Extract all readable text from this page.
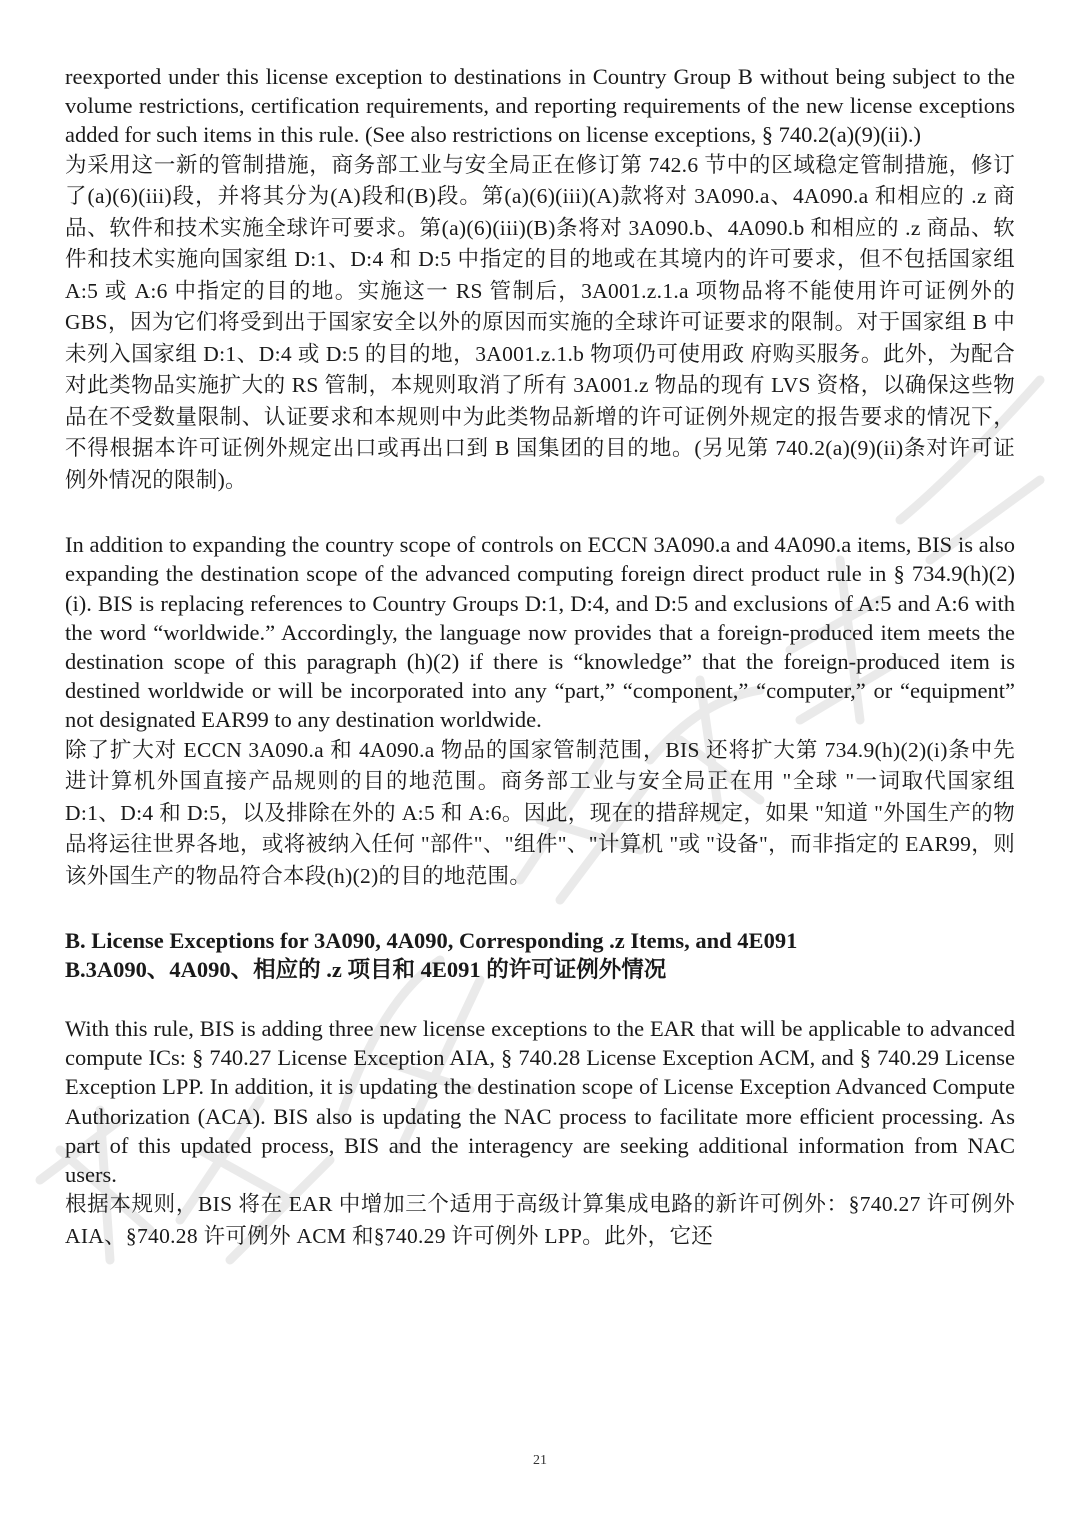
reexported under this license exception to destinations in Country Group B without being subject to the volume restrictions, certification requirements, and reporting requirements of the new license exceptions added for such items in this rule. (See also restrictions on license exceptions, § 740.2(a)(9)(ii).)

为采用这一新的管制措施，商务部工业与安全局正在修订第 742.6 节中的区域稳定管制措施，修订了(a)(6)(iii)段，并将其分为(A)段和(B)段。第(a)(6)(iii)(A)款将对 3A090.a、4A090.a 和相应的 .z 商品、软件和技术实施全球许可要求。第(a)(6)(iii)(B)条将对 3A090.b、4A090.b 和相应的 .z 商品、软件和技术实施向国家组 D:1、D:4 和 D:5 中指定的目的地或在其境内的许可要求，但不包括国家组 A:5 或 A:6 中指定的目的地。实施这一 RS 管制后，3A001.z.1.a 项物品将不能使用许可证例外的 GBS，因为它们将受到出于国家安全以外的原因而实施的全球许可证要求的限制。对于国家组 B 中未列入国家组 D:1、D:4 或 D:5 的目的地，3A001.z.1.b 物项仍可使用政 府购买服务。此外，为配合对此类物品实施扩大的 RS 管制，本规则取消了所有 3A001.z 物品的现有 LVS 资格，以确保这些物品在不受数量限制、认证要求和本规则中为此类物品新增的许可证例外规定的报告要求的情况下，不得根据本许可证例外规定出口或再出口到 B 国集团的目的地。(另见第 740.2(a)(9)(ii)条对许可证例外情况的限制)。

In addition to expanding the country scope of controls on ECCN 3A090.a and 4A090.a items, BIS is also expanding the destination scope of the advanced computing foreign direct product rule in § 734.9(h)(2)(i). BIS is replacing references to Country Groups D:1, D:4, and D:5 and exclusions of A:5 and A:6 with the word “worldwide.” Accordingly, the language now provides that a foreign-produced item meets the destination scope of this paragraph (h)(2) if there is “knowledge” that the foreign-produced item is destined worldwide or will be incorporated into any “part,” “component,” “computer,” or “equipment” not designated EAR99 to any destination worldwide.

除了扩大对 ECCN 3A090.a 和 4A090.a 物品的国家管制范围，BIS 还将扩大第 734.9(h)(2)(i)条中先进计算机外国直接产品规则的目的地范围。商务部工业与安全局正在用 "全球 "一词取代国家组 D:1、D:4 和 D:5，以及排除在外的 A:5 和 A:6。因此，现在的措辞规定，如果 "知道 "外国生产的物品将运往世界各地，或将被纳入任何 "部件"、"组件"、"计算机 "或 "设备"，而非指定的 EAR99，则该外国生产的物品符合本段(h)(2)的目的地范围。

B. License Exceptions for 3A090, 4A090, Corresponding .z Items, and 4E091
B.3A090、4A090、相应的 .z 项目和 4E091 的许可证例外情况

With this rule, BIS is adding three new license exceptions to the EAR that will be applicable to advanced compute ICs: § 740.27 License Exception AIA, § 740.28 License Exception ACM, and § 740.29 License Exception LPP. In addition, it is updating the destination scope of License Exception Advanced Compute Authorization (ACA). BIS also is updating the NAC process to facilitate more efficient processing. As part of this updated process, BIS and the interagency are seeking additional information from NAC users.

根据本规则，BIS 将在 EAR 中增加三个适用于高级计算集成电路的新许可例外：§740.27 许可例外 AIA、§740.28 许可例外 ACM 和§740.29 许可例外 LPP。此外，它还

21
